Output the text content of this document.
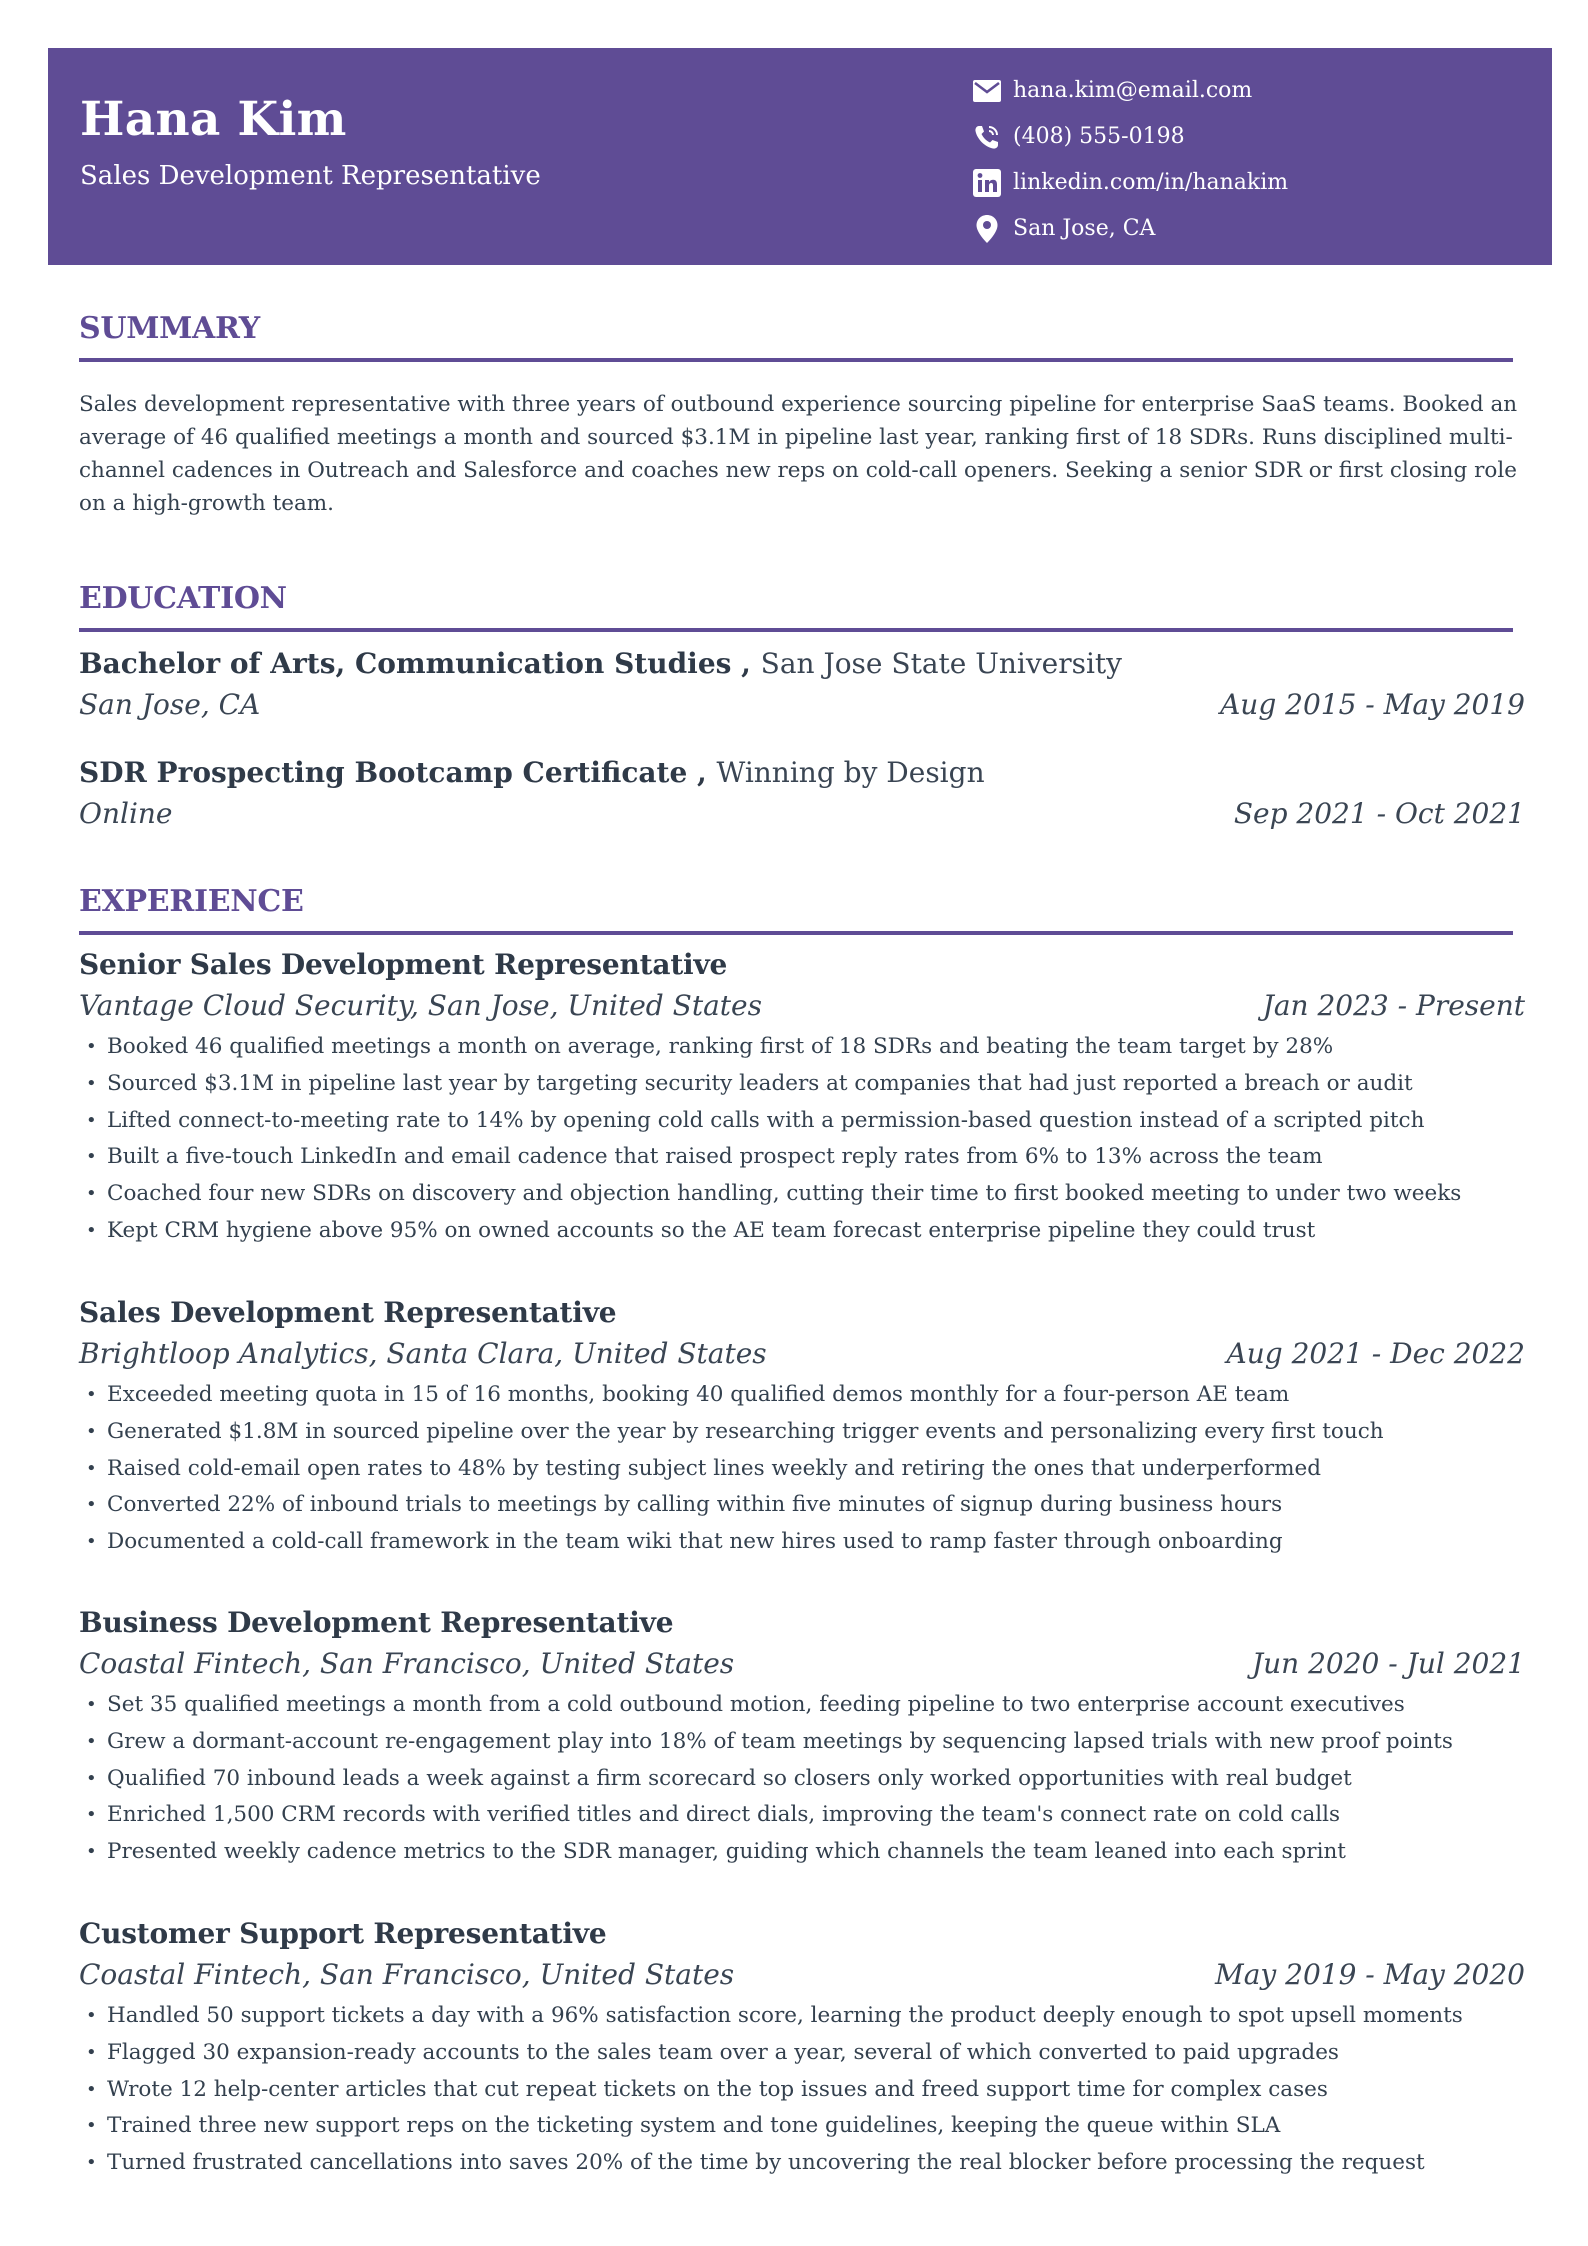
Hana Kim
Sales Development Representative
hana.kim@email.com
(408) 555-0198
linkedin.com/in/hanakim
San Jose, CA
SUMMARY
Sales development representative with three years of outbound experience sourcing pipeline for enterprise SaaS teams. Booked an average of 46 qualified meetings a month and sourced $3.1M in pipeline last year, ranking first of 18 SDRs. Runs disciplined multi-channel cadences in Outreach and Salesforce and coaches new reps on cold-call openers. Seeking a senior SDR or first closing role on a high-growth team.
EDUCATION
Bachelor of Arts, Communication Studies , San Jose State University
San Jose, CA	Aug 2015 - May 2019
SDR Prospecting Bootcamp Certificate , Winning by Design
Online	Sep 2021 - Oct 2021
EXPERIENCE
Senior Sales Development Representative
Vantage Cloud Security, San Jose, United States	Jan 2023 - Present
• Booked 46 qualified meetings a month on average, ranking first of 18 SDRs and beating the team target by 28%
• Sourced $3.1M in pipeline last year by targeting security leaders at companies that had just reported a breach or audit
• Lifted connect-to-meeting rate to 14% by opening cold calls with a permission-based question instead of a scripted pitch
• Built a five-touch LinkedIn and email cadence that raised prospect reply rates from 6% to 13% across the team
• Coached four new SDRs on discovery and objection handling, cutting their time to first booked meeting to under two weeks
• Kept CRM hygiene above 95% on owned accounts so the AE team forecast enterprise pipeline they could trust
Sales Development Representative
Brightloop Analytics, Santa Clara, United States	Aug 2021 - Dec 2022
• Exceeded meeting quota in 15 of 16 months, booking 40 qualified demos monthly for a four-person AE team
• Generated $1.8M in sourced pipeline over the year by researching trigger events and personalizing every first touch
• Raised cold-email open rates to 48% by testing subject lines weekly and retiring the ones that underperformed
• Converted 22% of inbound trials to meetings by calling within five minutes of signup during business hours
• Documented a cold-call framework in the team wiki that new hires used to ramp faster through onboarding
Business Development Representative
Coastal Fintech, San Francisco, United States	Jun 2020 - Jul 2021
• Set 35 qualified meetings a month from a cold outbound motion, feeding pipeline to two enterprise account executives
• Grew a dormant-account re-engagement play into 18% of team meetings by sequencing lapsed trials with new proof points
• Qualified 70 inbound leads a week against a firm scorecard so closers only worked opportunities with real budget
• Enriched 1,500 CRM records with verified titles and direct dials, improving the team's connect rate on cold calls
• Presented weekly cadence metrics to the SDR manager, guiding which channels the team leaned into each sprint
Customer Support Representative
Coastal Fintech, San Francisco, United States	May 2019 - May 2020
• Handled 50 support tickets a day with a 96% satisfaction score, learning the product deeply enough to spot upsell moments
• Flagged 30 expansion-ready accounts to the sales team over a year, several of which converted to paid upgrades
• Wrote 12 help-center articles that cut repeat tickets on the top issues and freed support time for complex cases
• Trained three new support reps on the ticketing system and tone guidelines, keeping the queue within SLA
• Turned frustrated cancellations into saves 20% of the time by uncovering the real blocker before processing the request
